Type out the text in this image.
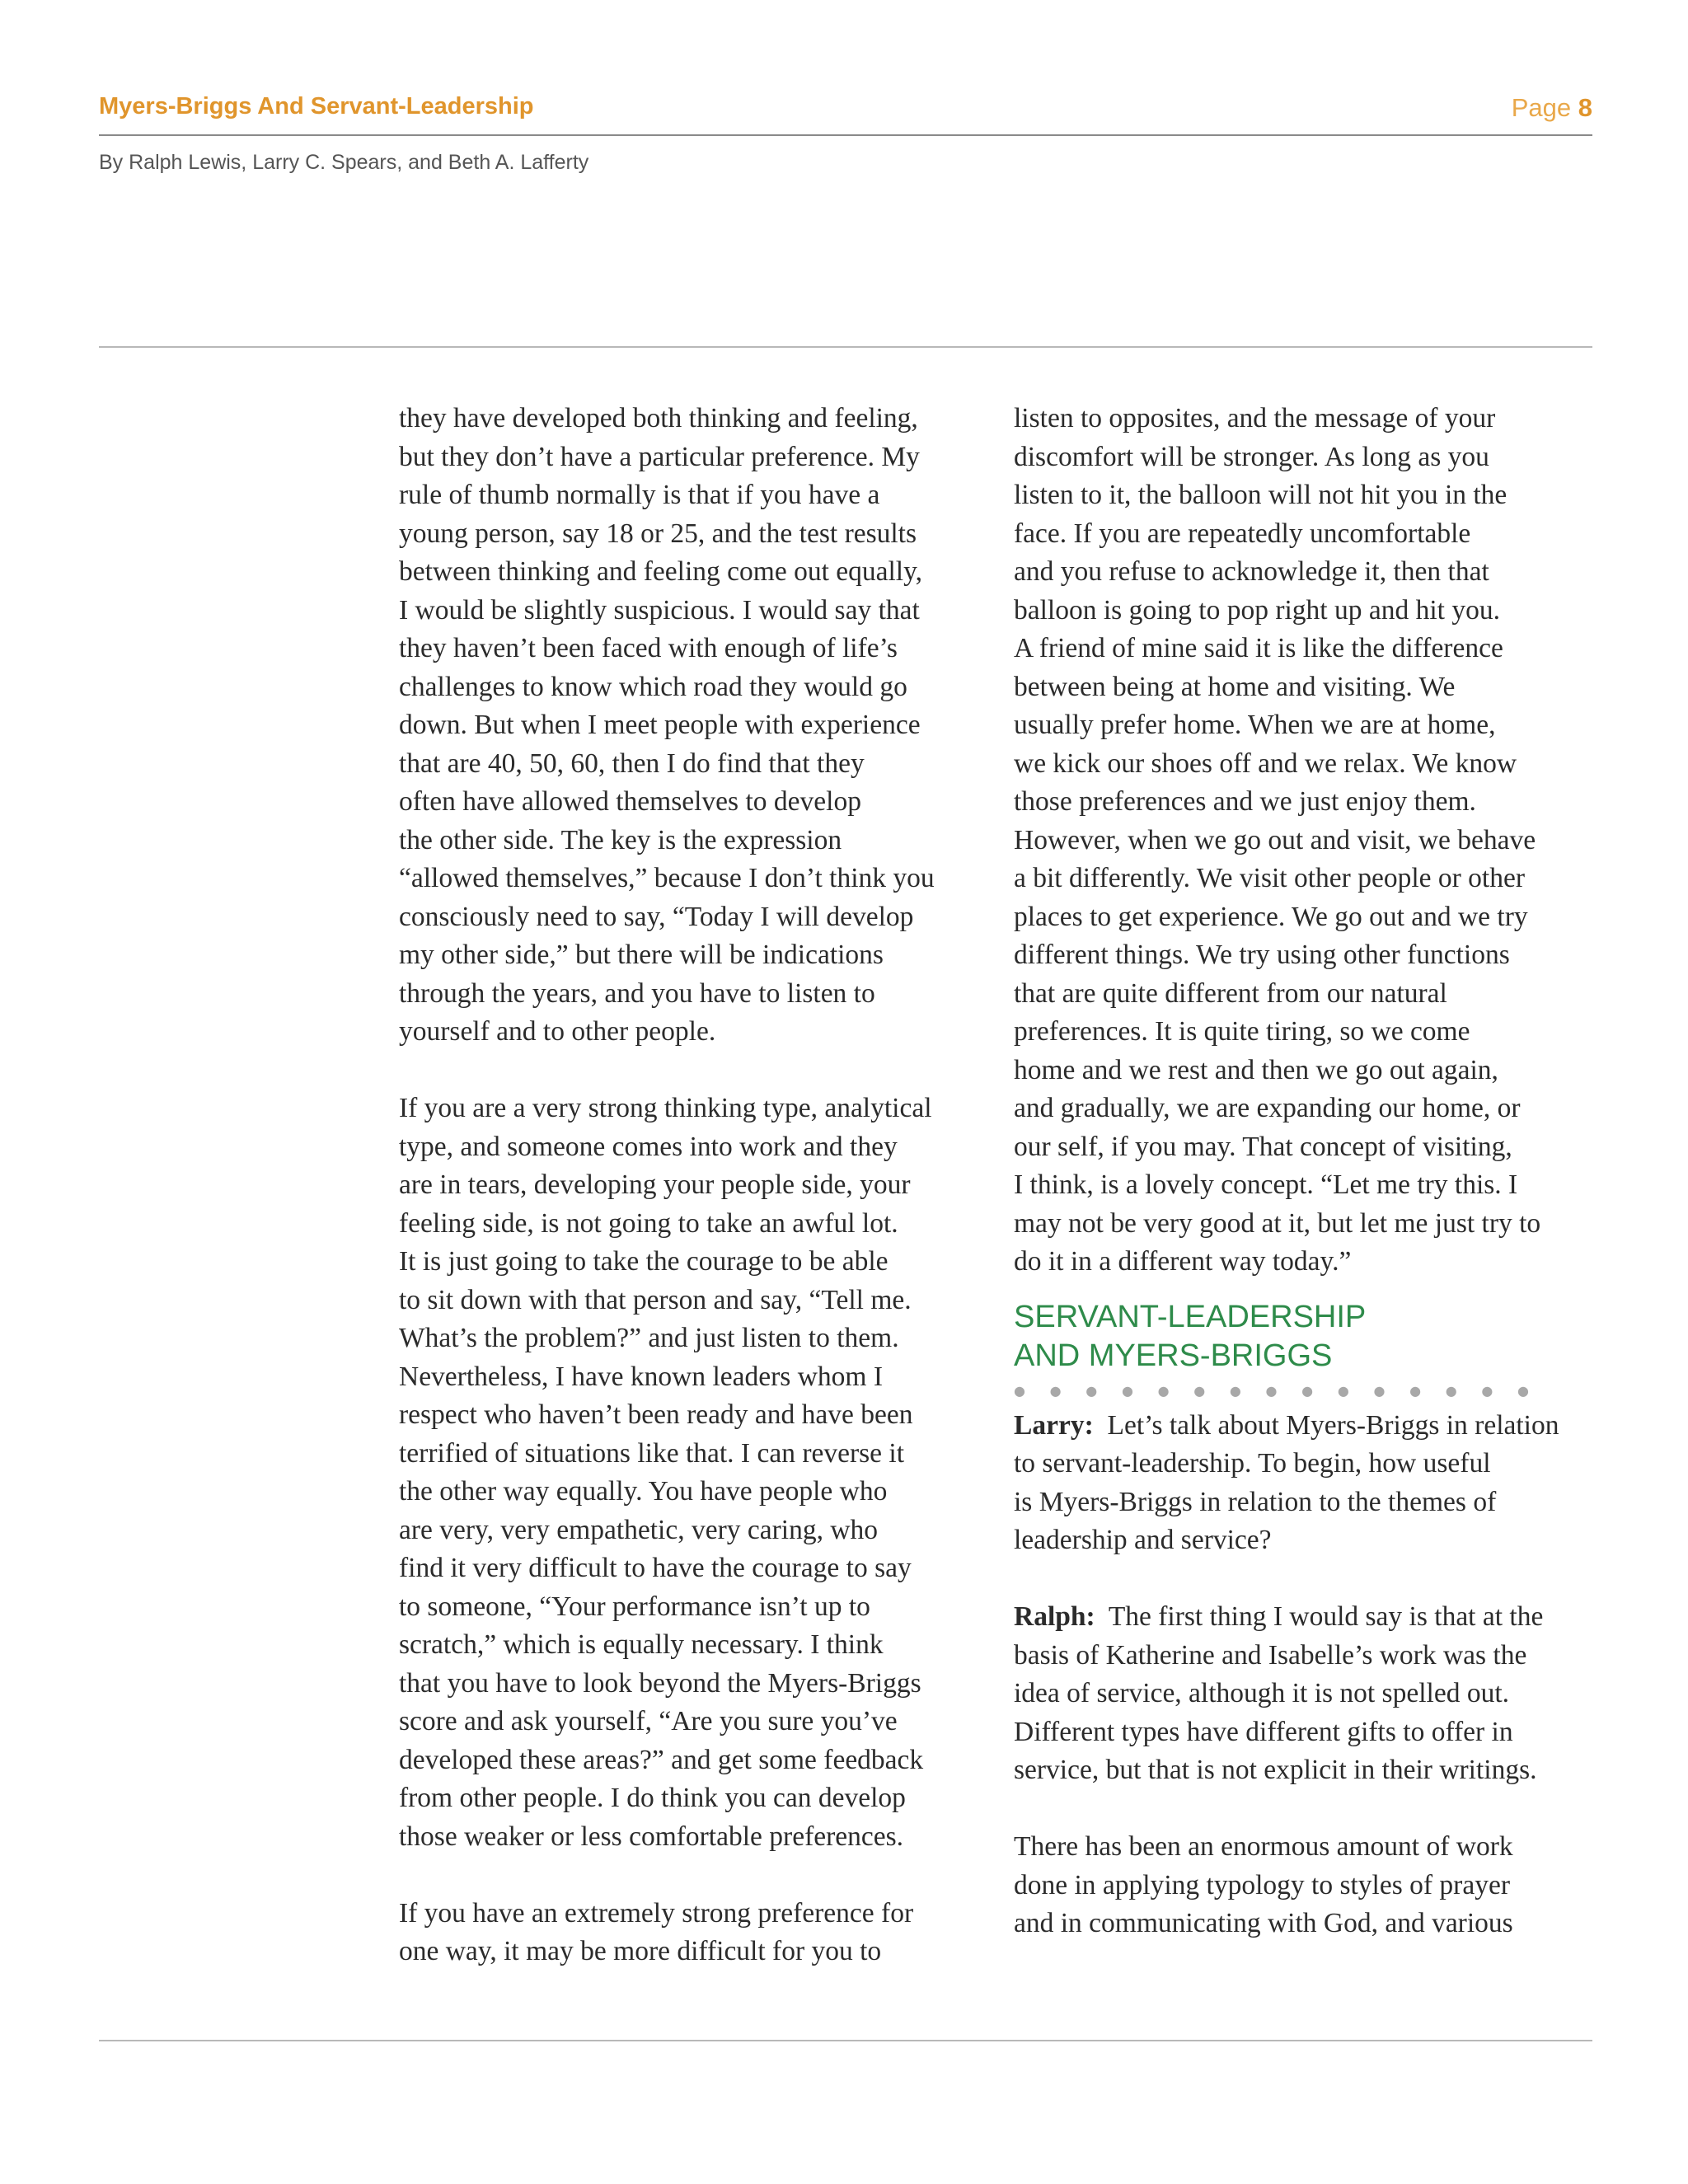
Myers-Briggs And Servant-Leadership	Page 8
By Ralph Lewis, Larry C. Spears, and Beth A. Lafferty
they have developed both thinking and feeling,
but they don’t have a particular preference. My
rule of thumb normally is that if you have a
young person, say 18 or 25, and the test results
between thinking and feeling come out equally,
I would be slightly suspicious. I would say that
they haven’t been faced with enough of life’s
challenges to know which road they would go
down. But when I meet people with experience
that are 40, 50, 60, then I do find that they
often have allowed themselves to develop
the other side. The key is the expression
“allowed themselves,” because I don’t think you
consciously need to say, “Today I will develop
my other side,” but there will be indications
through the years, and you have to listen to
yourself and to other people.
If you are a very strong thinking type, analytical
type, and someone comes into work and they
are in tears, developing your people side, your
feeling side, is not going to take an awful lot.
It is just going to take the courage to be able
to sit down with that person and say, “Tell me.
What’s the problem?” and just listen to them.
Nevertheless, I have known leaders whom I
respect who haven’t been ready and have been
terrified of situations like that. I can reverse it
the other way equally. You have people who
are very, very empathetic, very caring, who
find it very difficult to have the courage to say
to someone, “Your performance isn’t up to
scratch,” which is equally necessary. I think
that you have to look beyond the Myers-Briggs
score and ask yourself, “Are you sure you’ve
developed these areas?” and get some feedback
from other people. I do think you can develop
those weaker or less comfortable preferences.
If you have an extremely strong preference for
one way, it may be more difficult for you to
listen to opposites, and the message of your
discomfort will be stronger. As long as you
listen to it, the balloon will not hit you in the
face. If you are repeatedly uncomfortable
and you refuse to acknowledge it, then that
balloon is going to pop right up and hit you.
A friend of mine said it is like the difference
between being at home and visiting. We
usually prefer home. When we are at home,
we kick our shoes off and we relax. We know
those preferences and we just enjoy them.
However, when we go out and visit, we behave
a bit differently. We visit other people or other
places to get experience. We go out and we try
different things. We try using other functions
that are quite different from our natural
preferences. It is quite tiring, so we come
home and we rest and then we go out again,
and gradually, we are expanding our home, or
our self, if you may. That concept of visiting,
I think, is a lovely concept. “Let me try this. I
may not be very good at it, but let me just try to
do it in a different way today.”
SERVANT-LEADERSHIP
AND MYERS-BRIGGS
● ● ● ● ● ● ● ● ● ● ● ● ● ● ●
Larry:  Let’s talk about Myers-Briggs in relation
to servant-leadership. To begin, how useful
is Myers-Briggs in relation to the themes of
leadership and service?
Ralph:  The first thing I would say is that at the
basis of Katherine and Isabelle’s work was the
idea of service, although it is not spelled out.
Different types have different gifts to offer in
service, but that is not explicit in their writings.
There has been an enormous amount of work
done in applying typology to styles of prayer
and in communicating with God, and various
